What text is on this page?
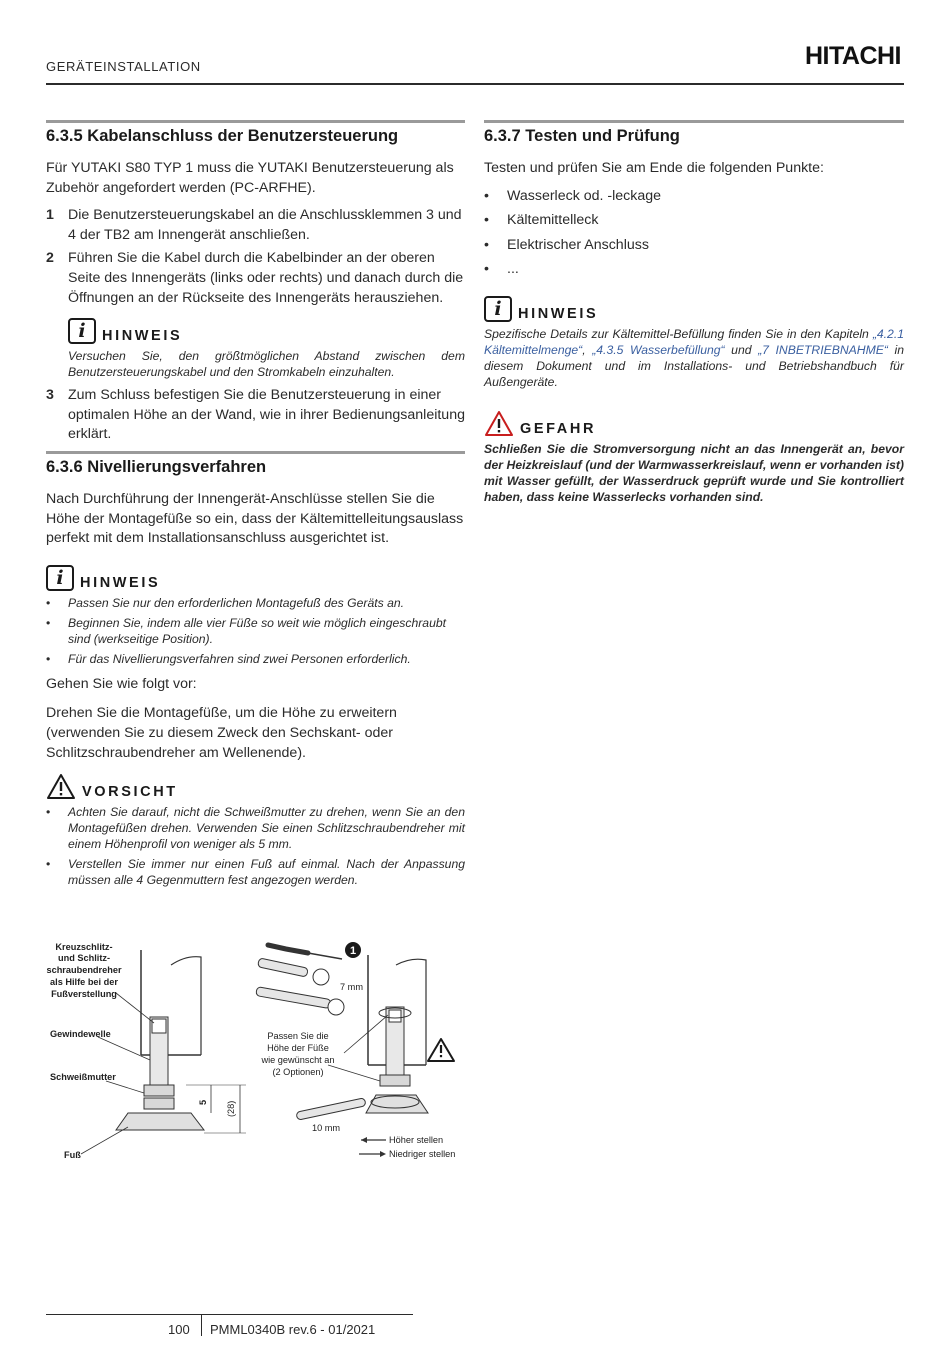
GERÄTEINSTALLATION	HITACHI
6.3.5 Kabelanschluss der Benutzersteuerung

Für YUTAKI S80 TYP 1 muss die YUTAKI Benutzersteuerung als Zubehör angefordert werden (PC-ARFHE).

1 Die Benutzersteuerungskabel an die Anschlussklemmen 3 und 4 der TB2 am Innengerät anschließen.
2 Führen Sie die Kabel durch die Kabelbinder an der oberen Seite des Innengeräts (links oder rechts) und danach durch die Öffnungen an der Rückseite des Innengeräts herausziehen.
i	HINWEIS
Versuchen Sie, den größtmöglichen Abstand zwischen dem Benutzersteuerungskabel und den Stromkabeln einzuhalten.
3 Zum Schluss befestigen Sie die Benutzersteuerung in einer optimalen Höhe an der Wand, wie in ihrer Bedienungsanleitung erklärt.
6.3.6 Nivellierungsverfahren

Nach Durchführung der Innengerät-Anschlüsse stellen Sie die Höhe der Montagefüße so ein, dass der Kältemittelleitungsauslass perfekt mit dem Installationsanschluss ausgerichtet ist.

i	HINWEIS
•	Passen Sie nur den erforderlichen Montagefuß des Geräts an.
•	Beginnen Sie, indem alle vier Füße so weit wie möglich eingeschraubt sind (werkseitige Position).
•	Für das Nivellierungsverfahren sind zwei Personen erforderlich.

Gehen Sie wie folgt vor:

Drehen Sie die Montagefüße, um die Höhe zu erweitern (verwenden Sie zu diesem Zweck den Sechskant- oder Schlitzschraubendreher am Wellenende).

VORSICHT
•	Achten Sie darauf, nicht die Schweißmutter zu drehen, wenn Sie an den Montagefüßen drehen. Verwenden Sie einen Schlitzschraubendreher mit einem Höhenprofil von weniger als 5 mm.
•	Verstellen Sie immer nur einen Fuß auf einmal. Nach der Anpassung müssen alle 4 Gegenmuttern fest angezogen werden.
5 (28)
Kreuzschlitz-
und Schlitz-
schraubendreher
als Hilfe bei der
Fußverstellung
Gewindewelle
Schweißmutter
Fuß
7 mm
1
Passen Sie die
Höhe der Füße
wie gewünscht an
(2 Optionen)
10 mm
Höher stellen
Niedriger stellen
6.3.7 Testen und Prüfung

Testen und prüfen Sie am Ende die folgenden Punkte:

•	Wasserleck od. -leckage
•	Kältemittelleck
•	Elektrischer Anschluss
•	...
i	HINWEIS
Spezifische Details zur Kältemittel-Befüllung finden Sie in den Kapiteln „4.2.1 Kältemittelmenge“, „4.3.5 Wasserbefüllung“ und „7 INBETRIEBNAHME“ in diesem Dokument und im Installations- und Betriebshandbuch für Außengeräte.
GEFAHR
Schließen Sie die Stromversorgung nicht an das Innengerät an, bevor der Heizkreislauf (und der Warmwasserkreislauf, wenn er vorhanden ist) mit Wasser gefüllt, der Wasserdruck geprüft wurde und Sie kontrolliert haben, dass keine Wasserlecks vorhanden sind.
100 PMML0340B rev.6 - 01/2021
